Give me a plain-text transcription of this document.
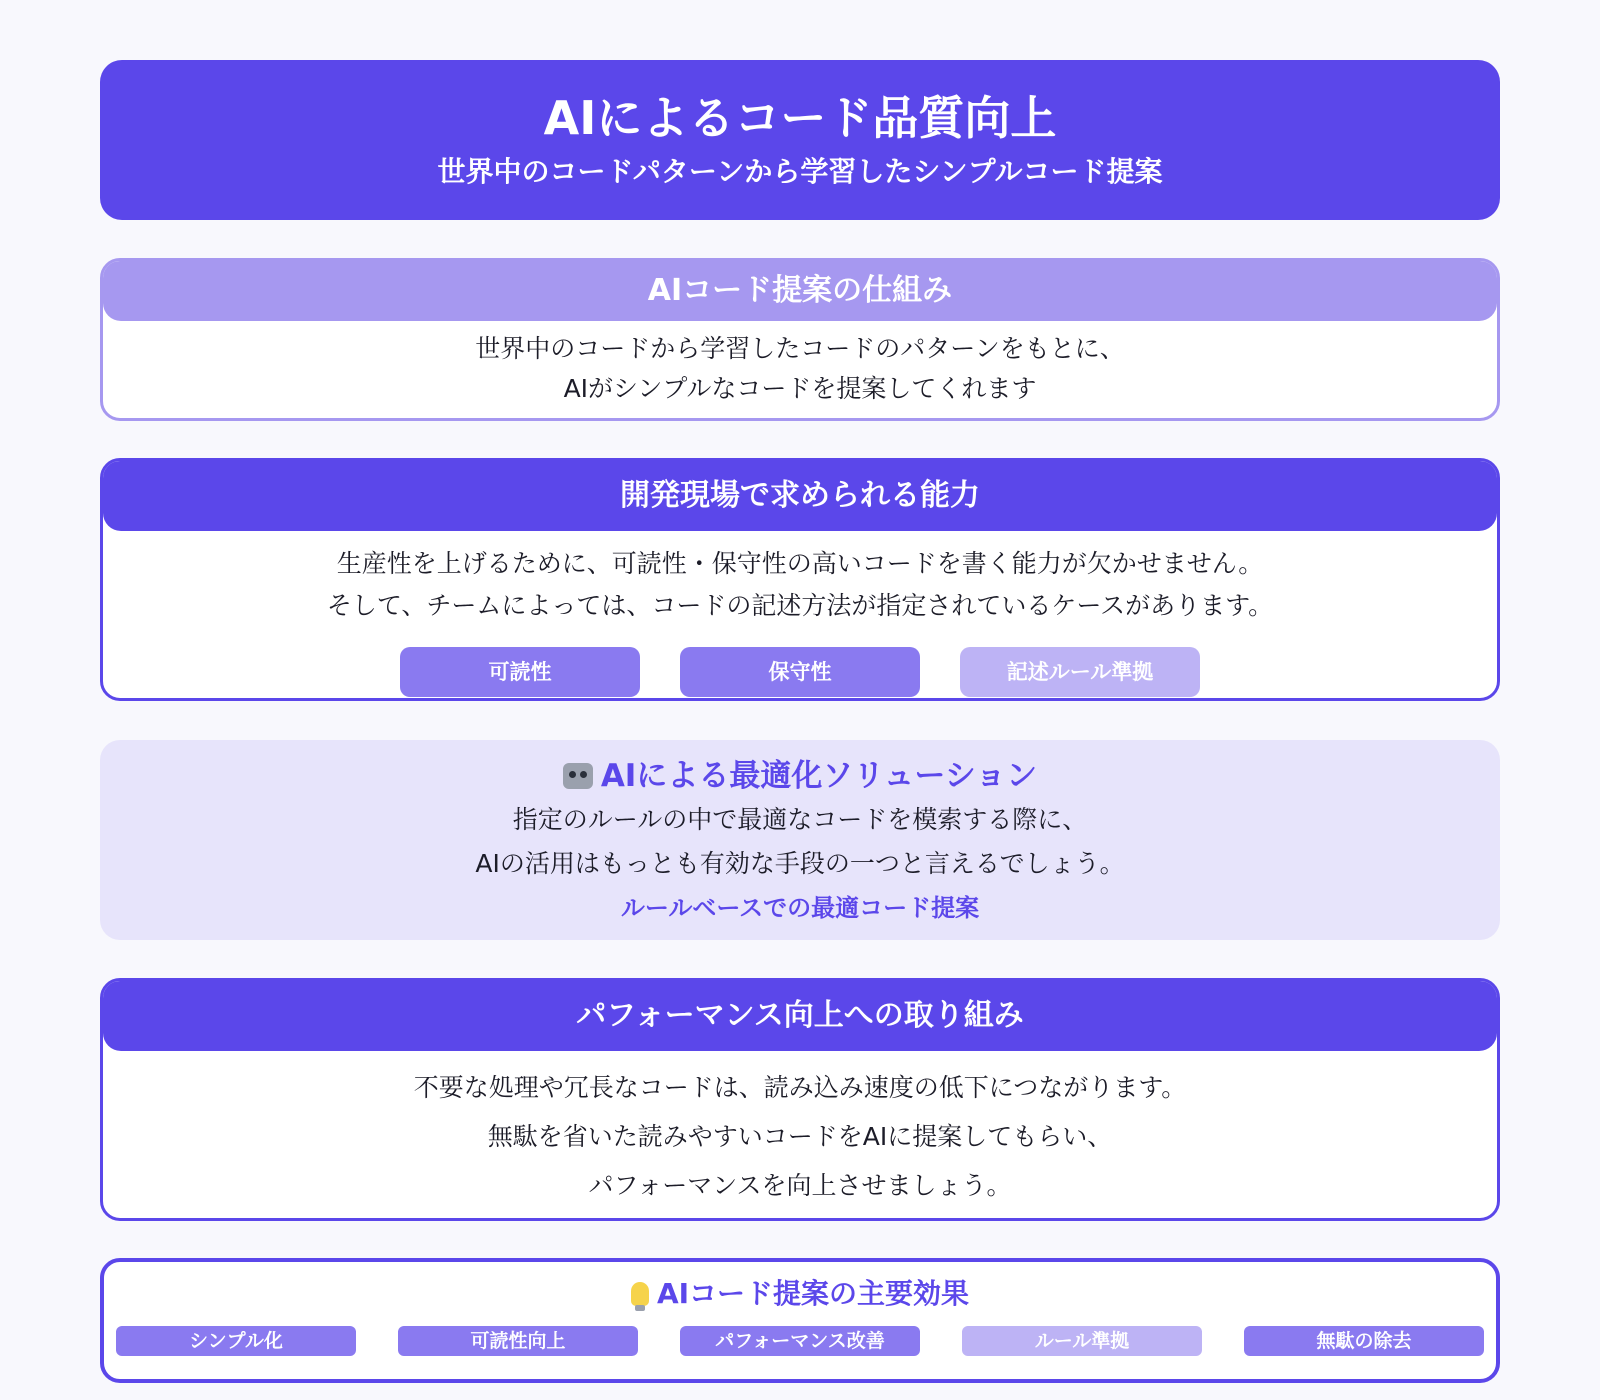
AIによるコード品質向上

世界中のコードパターンから学習したシンプルコード提案

AIコード提案の仕組み

世界中のコードから学習したコードのパターンをもとに、

AIがシンプルなコードを提案してくれます

開発現場で求められる能力

生産性を上げるために、可読性・保守性の高いコードを書く能力が欠かせません。

そして、チームによっては、コードの記述方法が指定されているケースがあります。

可読性	保守性	記述ルール準拠
AIによる最適化ソリューション

指定のルールの中で最適なコードを模索する際に、

AIの活用はもっとも有効な手段の一つと言えるでしょう。

ルールベースでの最適コード提案

パフォーマンス向上への取り組み

不要な処理や冗長なコードは、読み込み速度の低下につながります。

無駄を省いた読みやすいコードをAIに提案してもらい、

パフォーマンスを向上させましょう。

AIコード提案の主要効果
シンプル化	可読性向上	パフォーマンス改善	ルール準拠	無駄の除去
